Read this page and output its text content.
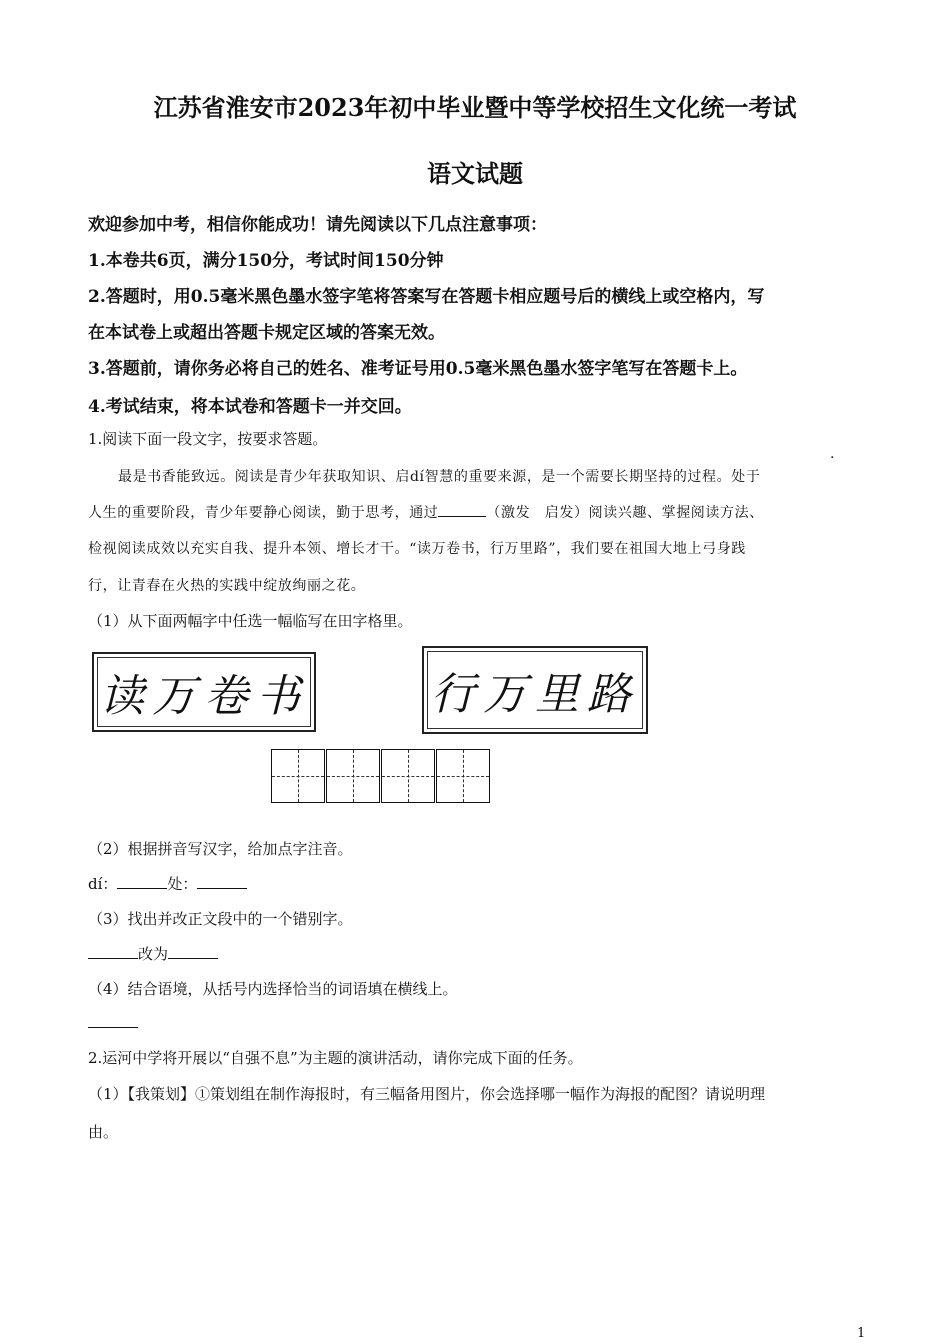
江苏省淮安市2023年初中毕业暨中等学校招生文化统一考试
语文试题
欢迎参加中考，相信你能成功！请先阅读以下几点注意事项：
1.本卷共6页，满分150分，考试时间150分钟
2.答题时，用0.5毫米黑色墨水签字笔将答案写在答题卡相应题号后的横线上或空格内，写
在本试卷上或超出答题卡规定区域的答案无效。
3.答题前，请你务必将自己的姓名、准考证号用0.5毫米黑色墨水签字笔写在答题卡上。
4.考试结束，将本试卷和答题卡一并交回。
1.阅读下面一段文字，按要求答题。
.
最是书香能致远。阅读是青少年获取知识、启dí智慧的重要来源，是一个需要长期坚持的过程。处于
人生的重要阶段，青少年要静心阅读，勤于思考，通过	（激发　启发）阅读兴趣、掌握阅读方法、
检视阅读成效以充实自我、提升本领、增长才干。“读万卷书，行万里路”，我们要在祖国大地上弓身践
行，让青春在火热的实践中绽放绚丽之花。
（1）从下面两幅字中任选一幅临写在田字格里。
读万卷书	行万里路
（2）根据拼音写汉字，给加点字注音。
dí：	处：
（3）找出并改正文段中的一个错别字。
改为
（4）结合语境，从括号内选择恰当的词语填在横线上。
2.运河中学将开展以“自强不息”为主题的演讲活动，请你完成下面的任务。
（1）【我策划】①策划组在制作海报时，有三幅备用图片，你会选择哪一幅作为海报的配图？请说明理
由。
1
